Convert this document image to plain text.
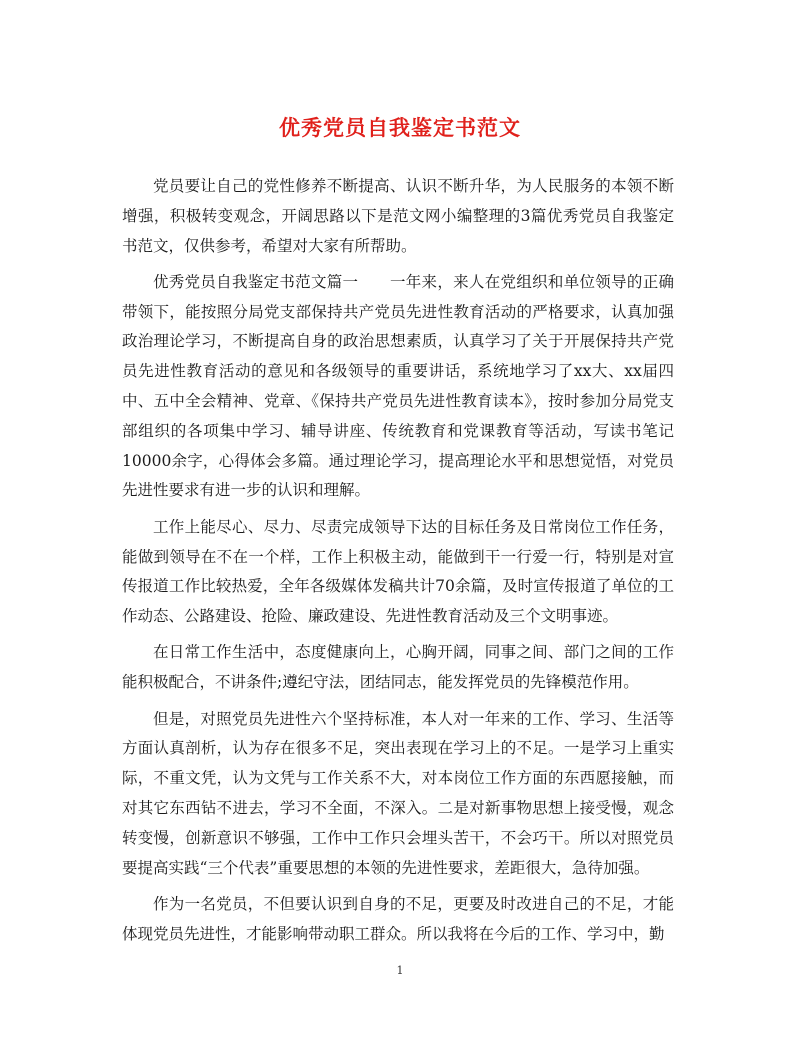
优秀党员自我鉴定书范文

党员要让自己的党性修养不断提高、认识不断升华，为人民服务的本领不断增强，积极转变观念，开阔思路以下是范文网小编整理的3篇优秀党员自我鉴定书范文，仅供参考，希望对大家有所帮助。

优秀党员自我鉴定书范文篇一　　一年来，来人在党组织和单位领导的正确带领下，能按照分局党支部保持共产党员先进性教育活动的严格要求，认真加强政治理论学习，不断提高自身的政治思想素质，认真学习了关于开展保持共产党员先进性教育活动的意见和各级领导的重要讲话，系统地学习了xx大、xx届四中、五中全会精神、党章、《保持共产党员先进性教育读本》，按时参加分局党支部组织的各项集中学习、辅导讲座、传统教育和党课教育等活动，写读书笔记10000余字，心得体会多篇。通过理论学习，提高理论水平和思想觉悟，对党员先进性要求有进一步的认识和理解。

工作上能尽心、尽力、尽责完成领导下达的目标任务及日常岗位工作任务，能做到领导在不在一个样，工作上积极主动，能做到干一行爱一行，特别是对宣传报道工作比较热爱，全年各级媒体发稿共计70余篇，及时宣传报道了单位的工作动态、公路建设、抢险、廉政建设、先进性教育活动及三个文明事迹。

在日常工作生活中，态度健康向上，心胸开阔，同事之间、部门之间的工作能积极配合，不讲条件;遵纪守法，团结同志，能发挥党员的先锋模范作用。

但是，对照党员先进性六个坚持标准，本人对一年来的工作、学习、生活等方面认真剖析，认为存在很多不足，突出表现在学习上的不足。一是学习上重实际，不重文凭，认为文凭与工作关系不大，对本岗位工作方面的东西愿接触，而对其它东西钻不进去，学习不全面，不深入。二是对新事物思想上接受慢，观念转变慢，创新意识不够强，工作中工作只会埋头苦干，不会巧干。所以对照党员要提高实践“三个代表”重要思想的本领的先进性要求，差距很大，急待加强。

作为一名党员，不但要认识到自身的不足，更要及时改进自己的不足，才能体现党员先进性，才能影响带动职工群众。所以我将在今后的工作、学习中，勤

1
